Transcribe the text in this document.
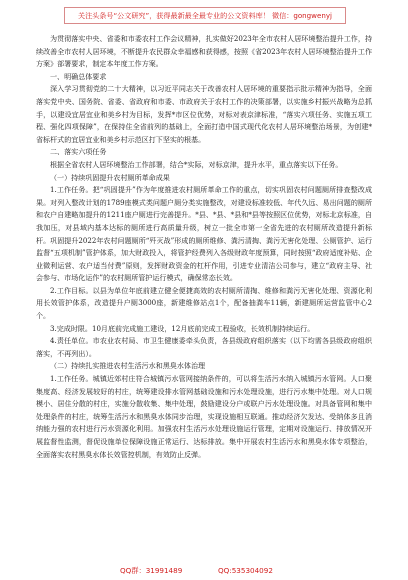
关注头条号“公文研究”，获得最新最全最专业的公文资料库！ 微信：gongwenyj

为贯彻落实中央、省委和市委农村工作会议精神，扎实做好2023年全市农村人居环境整治提升工作，持续改善全市农村人居环境，不断提升农民群众幸福感和获得感，按照《省2023年农村人居环境整治提升工作方案》部署要求，制定本年度工作方案。

一、明确总体要求

深入学习贯彻党的二十大精神，以习近平同志关于改善农村人居环境的重要指示批示精神为指导，全面落实党中央、国务院、省委、省政府和市委、市政府关于农村工作的决策部署，以实施乡村振兴战略为总抓手，以建设宜居宜业和美乡村为目标，发挥*市区位优势，对标对表京津标准，“落实六项任务、实施五项工程、强化四项保障”，在保持住全省前列的基础上，全面打造中国式现代化农村人居环境整治场景，为创建*省标杆式的宜居宜业和美乡村示范区打下坚实的根基。

二、落实六项任务

根据全省农村人居环境整治工作部署，结合*实际，对标京津，提升水平，重点落实以下任务。

（一）持续巩固提升农村厕所革命成果

1.工作任务。把“巩固提升”作为年度推进农村厕所革命工作的重点，切实巩固农村问题厕所排查整改成果。对列入整改计划的1789座模式类问题户厕分类实施整改，对建设标准较低、年代久远、易出问题的厕所和农户自建略加提升的1211座户厕进行完善提升。*县、*县、*县和*县等按照区位优势，对标北京标准，自我加压，对县域内基本达标的厕所进行高质量升级，树立一批全市第一全省先进的农村厕所改造提升新标杆。巩固提升2022年农村问题厕所“歼灭战”形成的厕所维修、粪污清掏、粪污无害化处理、公厕管护、运行监督“五项机制”管护体系，加大财政投入，将管护经费列入各级财政年度预算，同时按照“政府适度补贴、企业微利运营、农户适当付费”原则，发挥财政资金的杠杆作用，引进专业清洁公司参与，建立“政府主导、社会参与、市场化运作”的农村厕所管护运行模式，确保常态长效。

2.工作目标。以县为单位年底前建立健全便捷高效的农村厕所清掏、维修和粪污无害化处理、资源化利用长效管护体系，改造提升户厕3000座，新建维修站点1个，配备抽粪车11辆，新建厕所运营监管中心2个。

3.完成时限。10月底前完成施工建设，12月底前完成工程验收，长效机制持续运行。

4.责任单位。市农业农村局、市卫生健康委牵头负责，各县级政府组织落实（以下均需各县级政府组织落实，不再列出）。

（二）持续扎实推进农村生活污水和黑臭水体治理

1.工作任务。城镇近郊村庄符合城镇污水管网接纳条件的，可以将生活污水纳入城镇污水管网。人口聚集度高、经济发展较好的村庄，统筹建设排水管网基础设施和污水处理设施，进行污水集中处理。对人口规模小、居住分散的村庄，实施分散收集、集中处理，鼓励建设分户或联户污水处理设施。对具备管网和集中处理条件的村庄，统筹生活污水和黑臭水体同步治理，实现设施相互联通。推动经济欠发达、受纳体多且消纳能力强的农村进行污水资源化利用。加强农村生活污水处理设施运行管理，定期对设施运行、排放情况开展监督性监测，督促设施单位保障设施正常运行、达标排放。集中开展农村生活污水和黑臭水体专项整治，全面落实农村黑臭水体长效管控机制，有效防止反弹。

QQ群：31991489	QQ:535304092
